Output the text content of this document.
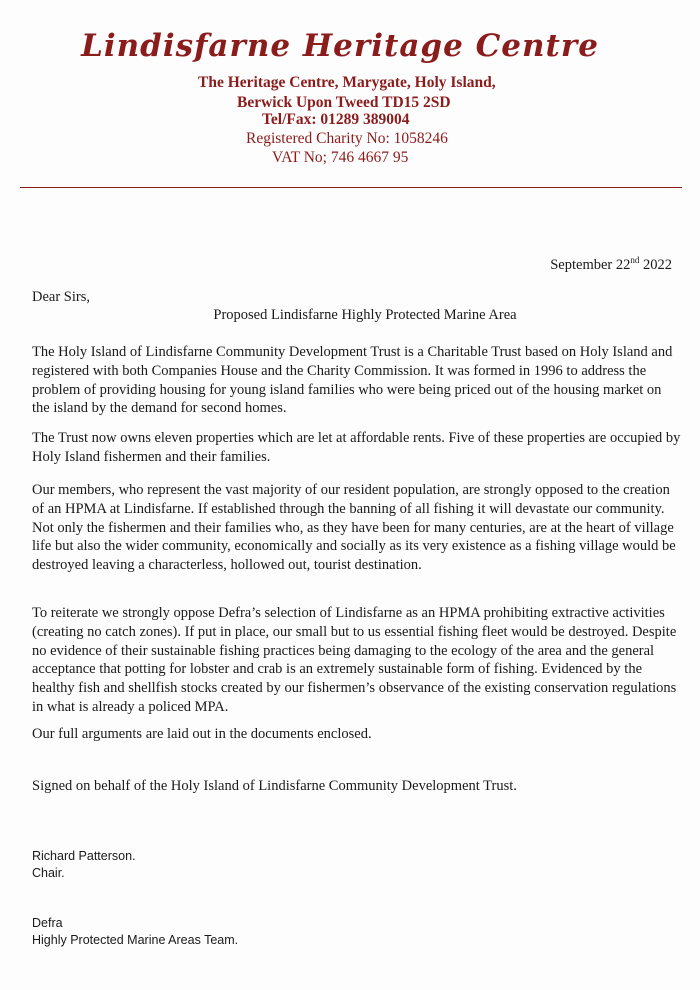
Lindisfarne Heritage Centre

The Heritage Centre, Marygate, Holy Island,

Berwick Upon Tweed TD15 2SD

Tel/Fax: 01289 389004

Registered Charity No: 1058246

VAT No; 746 4667 95

September 22nd 2022

Dear Sirs,

Proposed Lindisfarne Highly Protected Marine Area

The Holy Island of Lindisfarne Community Development Trust is a Charitable Trust based on Holy Island and registered with both Companies House and the Charity Commission. It was formed in 1996 to address the problem of providing housing for young island families who were being priced out of the housing market on the island by the demand for second homes.

The Trust now owns eleven properties which are let at affordable rents. Five of these properties are occupied by Holy Island fishermen and their families.

Our members, who represent the vast majority of our resident population, are strongly opposed to the creation of an HPMA at Lindisfarne. If established through the banning of all fishing it will devastate our community. Not only the fishermen and their families who, as they have been for many centuries, are at the heart of village life but also the wider community, economically and socially as its very existence as a fishing village would be destroyed leaving a characterless, hollowed out, tourist destination.

To reiterate we strongly oppose Defra’s selection of Lindisfarne as an HPMA prohibiting extractive activities (creating no catch zones). If put in place, our small but to us essential fishing fleet would be destroyed. Despite no evidence of their sustainable fishing practices being damaging to the ecology of the area and the general acceptance that potting for lobster and crab is an extremely sustainable form of fishing. Evidenced by the healthy fish and shellfish stocks created by our fishermen’s observance of the existing conservation regulations in what is already a policed MPA.

Our full arguments are laid out in the documents enclosed.

Signed on behalf of the Holy Island of Lindisfarne Community Development Trust.

Richard Patterson.

Chair.

Defra

Highly Protected Marine Areas Team.
